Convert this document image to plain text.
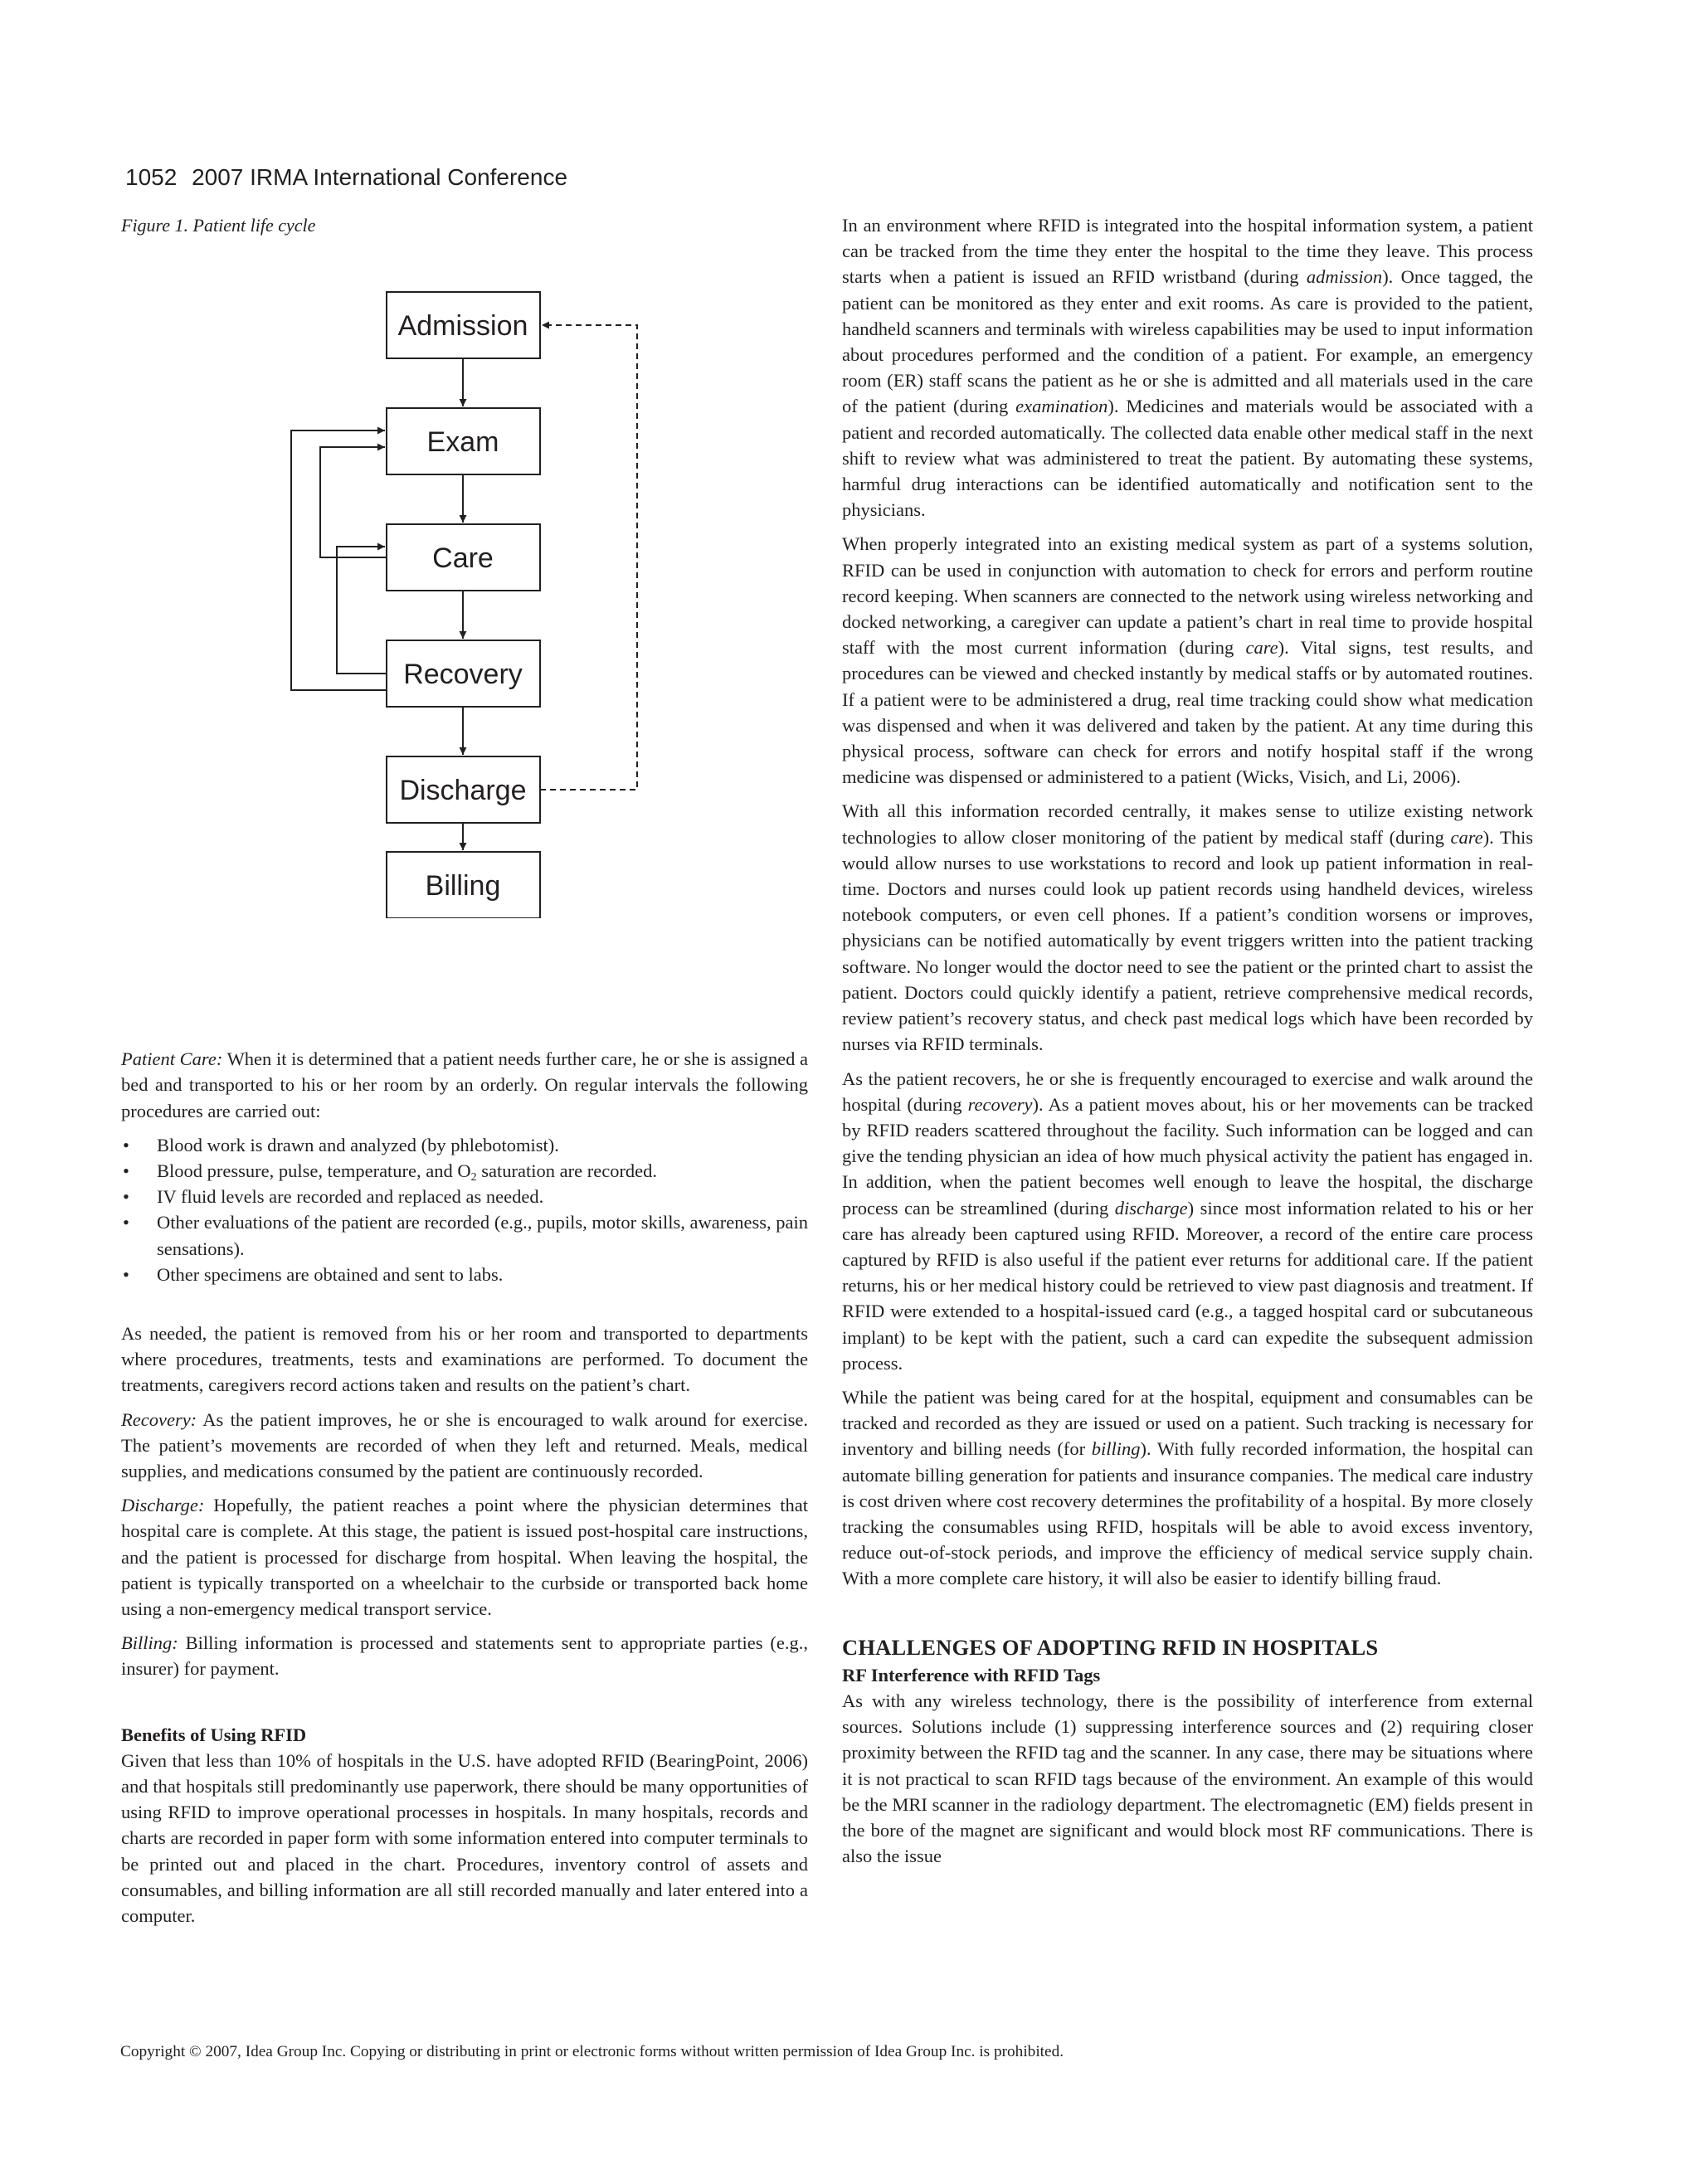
1052 2007 IRMA International Conference

Figure 1. Patient life cycle

Admission
Exam
Care
Recovery
Discharge
Billing

Patient Care: When it is determined that a patient needs further care, he or she is assigned a bed and transported to his or her room by an orderly. On regular intervals the following procedures are carried out:

• Blood work is drawn and analyzed (by phlebotomist).
• Blood pressure, pulse, temperature, and $O_2$ saturation are recorded.
• IV fluid levels are recorded and replaced as needed.
• Other evaluations of the patient are recorded (e.g., pupils, motor skills, awareness, pain sensations).
• Other specimens are obtained and sent to labs.

As needed, the patient is removed from his or her room and transported to departments where procedures, treatments, tests and examinations are performed. To document the treatments, caregivers record actions taken and results on the patient’s chart.

Recovery: As the patient improves, he or she is encouraged to walk around for exercise. The patient’s movements are recorded of when they left and returned. Meals, medical supplies, and medications consumed by the patient are continuously recorded.

Discharge: Hopefully, the patient reaches a point where the physician determines that hospital care is complete. At this stage, the patient is issued post-hospital care instructions, and the patient is processed for discharge from hospital. When leaving the hospital, the patient is typically transported on a wheelchair to the curbside or transported back home using a non-emergency medical transport service.

Billing: Billing information is processed and statements sent to appropriate parties (e.g., insurer) for payment.

Benefits of Using RFID

Given that less than 10% of hospitals in the U.S. have adopted RFID (BearingPoint, 2006) and that hospitals still predominantly use paperwork, there should be many opportunities of using RFID to improve operational processes in hospitals. In many hospitals, records and charts are recorded in paper form with some information entered into computer terminals to be printed out and placed in the chart. Procedures, inventory control of assets and consumables, and billing information are all still recorded manually and later entered into a computer.

In an environment where RFID is integrated into the hospital information system, a patient can be tracked from the time they enter the hospital to the time they leave. This process starts when a patient is issued an RFID wristband (during admission). Once tagged, the patient can be monitored as they enter and exit rooms. As care is provided to the patient, handheld scanners and terminals with wireless capabilities may be used to input information about procedures performed and the condition of a patient. For example, an emergency room (ER) staff scans the patient as he or she is admitted and all materials used in the care of the patient (during examination). Medicines and materials would be associated with a patient and recorded automatically. The collected data enable other medical staff in the next shift to review what was administered to treat the patient. By automating these systems, harmful drug interactions can be identified automatically and notification sent to the physicians.

When properly integrated into an existing medical system as part of a systems solution, RFID can be used in conjunction with automation to check for errors and perform routine record keeping. When scanners are connected to the network using wireless networking and docked networking, a caregiver can update a patient’s chart in real time to provide hospital staff with the most current information (during care). Vital signs, test results, and procedures can be viewed and checked instantly by medical staffs or by automated routines. If a patient were to be administered a drug, real time tracking could show what medication was dispensed and when it was delivered and taken by the patient. At any time during this physical process, software can check for errors and notify hospital staff if the wrong medicine was dispensed or administered to a patient (Wicks, Visich, and Li, 2006).

With all this information recorded centrally, it makes sense to utilize existing network technologies to allow closer monitoring of the patient by medical staff (during care). This would allow nurses to use workstations to record and look up patient information in real-time. Doctors and nurses could look up patient records using handheld devices, wireless notebook computers, or even cell phones. If a patient’s condition worsens or improves, physicians can be notified automatically by event triggers written into the patient tracking software. No longer would the doctor need to see the patient or the printed chart to assist the patient. Doctors could quickly identify a patient, retrieve comprehensive medical records, review patient’s recovery status, and check past medical logs which have been recorded by nurses via RFID terminals.

As the patient recovers, he or she is frequently encouraged to exercise and walk around the hospital (during recovery). As a patient moves about, his or her movements can be tracked by RFID readers scattered throughout the facility. Such information can be logged and can give the tending physician an idea of how much physical activity the patient has engaged in. In addition, when the patient becomes well enough to leave the hospital, the discharge process can be streamlined (during discharge) since most information related to his or her care has already been captured using RFID. Moreover, a record of the entire care process captured by RFID is also useful if the patient ever returns for additional care. If the patient returns, his or her medical history could be retrieved to view past diagnosis and treatment. If RFID were extended to a hospital-issued card (e.g., a tagged hospital card or subcutaneous implant) to be kept with the patient, such a card can expedite the subsequent admission process.

While the patient was being cared for at the hospital, equipment and consumables can be tracked and recorded as they are issued or used on a patient. Such tracking is necessary for inventory and billing needs (for billing). With fully recorded information, the hospital can automate billing generation for patients and insurance companies. The medical care industry is cost driven where cost recovery determines the profitability of a hospital. By more closely tracking the consumables using RFID, hospitals will be able to avoid excess inventory, reduce out-of-stock periods, and improve the efficiency of medical service supply chain. With a more complete care history, it will also be easier to identify billing fraud.

CHALLENGES OF ADOPTING RFID IN HOSPITALS

RF Interference with RFID Tags

As with any wireless technology, there is the possibility of interference from external sources. Solutions include (1) suppressing interference sources and (2) requiring closer proximity between the RFID tag and the scanner. In any case, there may be situations where it is not practical to scan RFID tags because of the environment. An example of this would be the MRI scanner in the radiology department. The electromagnetic (EM) fields present in the bore of the magnet are significant and would block most RF communications. There is also the issue

Copyright © 2007, Idea Group Inc. Copying or distributing in print or electronic forms without written permission of Idea Group Inc. is prohibited.
